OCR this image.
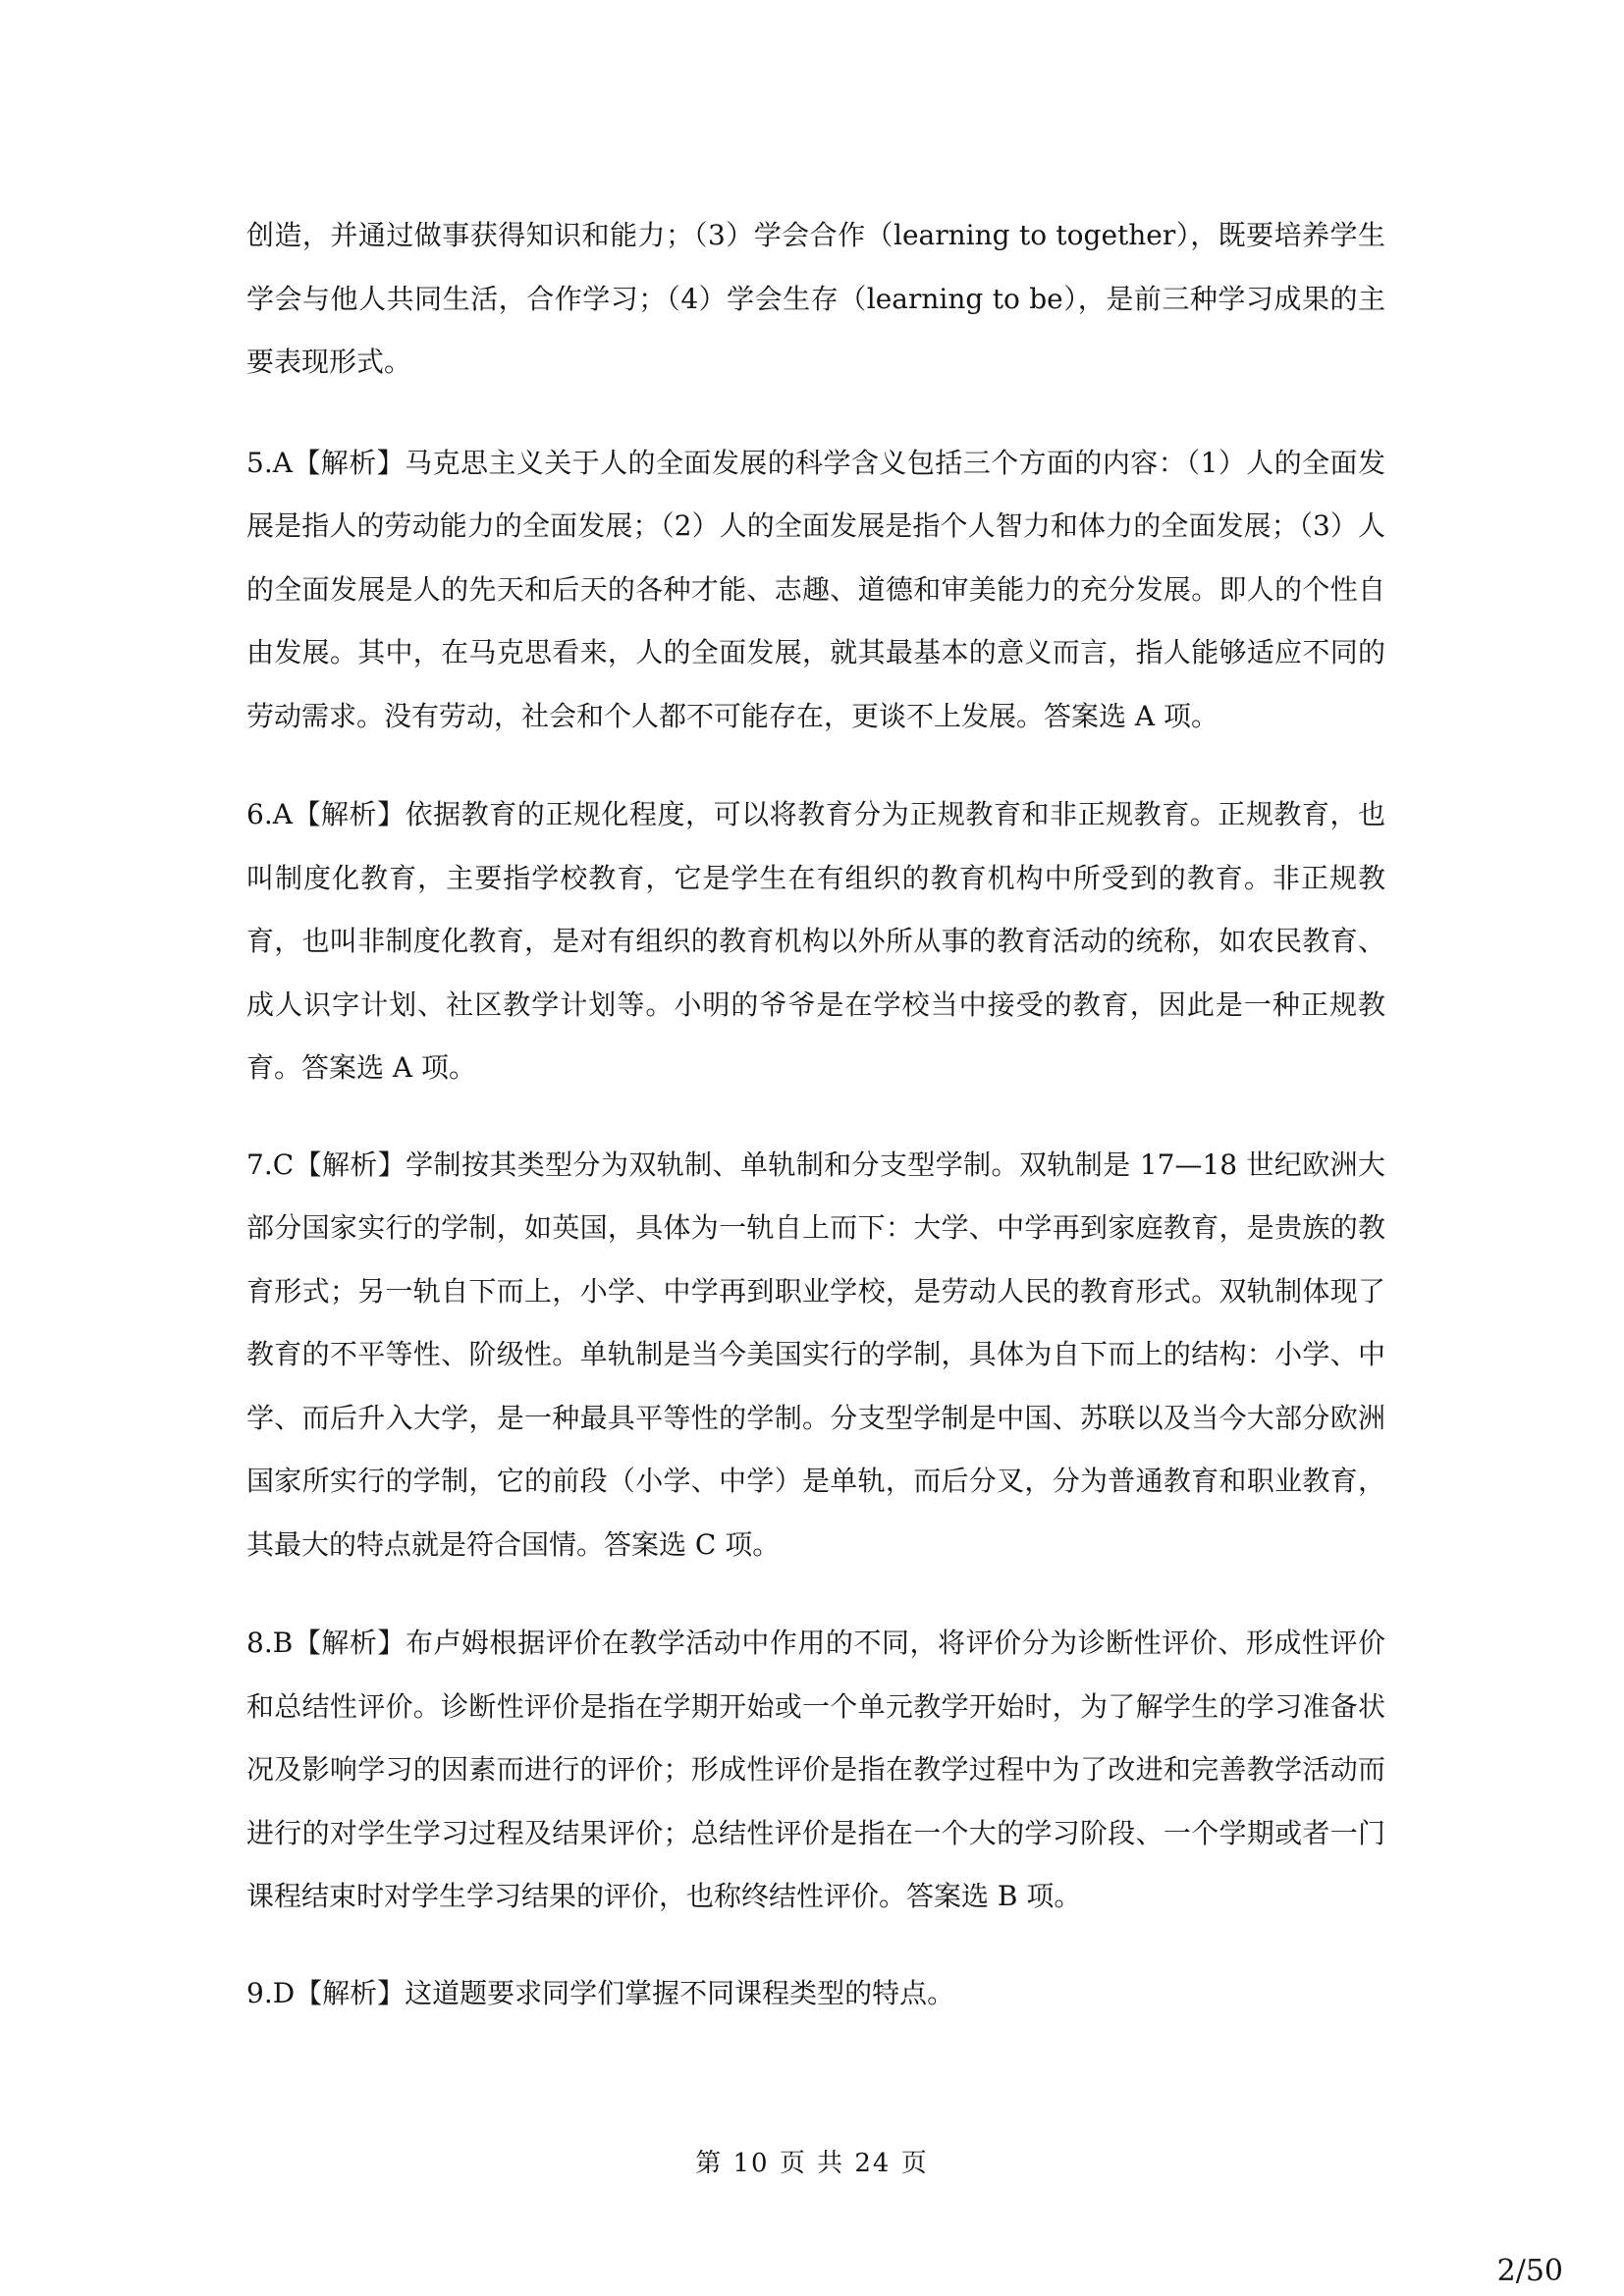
创造，并通过做事获得知识和能力；（3）学会合作（learning to together），既要培养学生学会与他人共同生活，合作学习；（4）学会生存（learning to be），是前三种学习成果的主要表现形式。

5.A【解析】马克思主义关于人的全面发展的科学含义包括三个方面的内容：（1）人的全面发展是指人的劳动能力的全面发展；（2）人的全面发展是指个人智力和体力的全面发展；（3）人的全面发展是人的先天和后天的各种才能、志趣、道德和审美能力的充分发展。即人的个性自由发展。其中，在马克思看来，人的全面发展，就其最基本的意义而言，指人能够适应不同的劳动需求。没有劳动，社会和个人都不可能存在，更谈不上发展。答案选 A 项。

6.A【解析】依据教育的正规化程度，可以将教育分为正规教育和非正规教育。正规教育，也叫制度化教育，主要指学校教育，它是学生在有组织的教育机构中所受到的教育。非正规教育，也叫非制度化教育，是对有组织的教育机构以外所从事的教育活动的统称，如农民教育、成人识字计划、社区教学计划等。小明的爷爷是在学校当中接受的教育，因此是一种正规教育。答案选 A 项。

7.C【解析】学制按其类型分为双轨制、单轨制和分支型学制。双轨制是 17—18 世纪欧洲大部分国家实行的学制，如英国，具体为一轨自上而下：大学、中学再到家庭教育，是贵族的教育形式；另一轨自下而上，小学、中学再到职业学校，是劳动人民的教育形式。双轨制体现了教育的不平等性、阶级性。单轨制是当今美国实行的学制，具体为自下而上的结构：小学、中学、而后升入大学，是一种最具平等性的学制。分支型学制是中国、苏联以及当今大部分欧洲国家所实行的学制，它的前段（小学、中学）是单轨，而后分叉，分为普通教育和职业教育，其最大的特点就是符合国情。答案选 C 项。

8.B【解析】布卢姆根据评价在教学活动中作用的不同，将评价分为诊断性评价、形成性评价和总结性评价。诊断性评价是指在学期开始或一个单元教学开始时，为了解学生的学习准备状况及影响学习的因素而进行的评价；形成性评价是指在教学过程中为了改进和完善教学活动而进行的对学生学习过程及结果评价；总结性评价是指在一个大的学习阶段、一个学期或者一门课程结束时对学生学习结果的评价，也称终结性评价。答案选 B 项。

9.D【解析】这道题要求同学们掌握不同课程类型的特点。

第 10 页 共 24 页
2/50
